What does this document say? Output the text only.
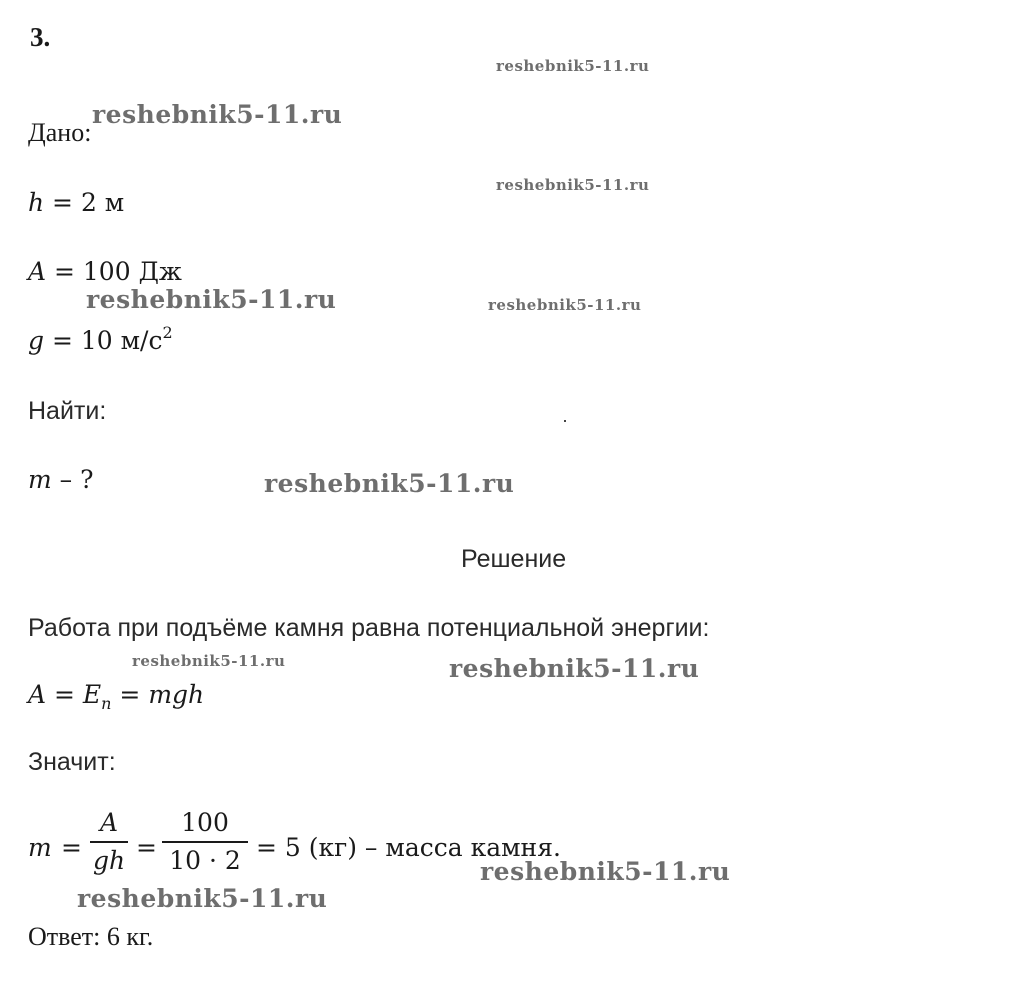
3.
Дано:
h = 2 м
A = 100 Дж
g = 10 $м/с^2$
Найти:
m – ?
Решение
Работа при подъёме камня равна потенциальной энергии:
$A = E_п$ = mgh
Значит:
m =
A
gh =
100
10 · 2 = 5 (кг) – масса камня.
Ответ: 6 кг.
reshebnik5-11.ru
reshebnik5-11.ru
reshebnik5-11.ru
reshebnik5-11.ru	reshebnik5-11.ru
reshebnik5-11.ru
reshebnik5-11.ru	reshebnik5-11.ru
reshebnik5-11.ru
reshebnik5-11.ru
